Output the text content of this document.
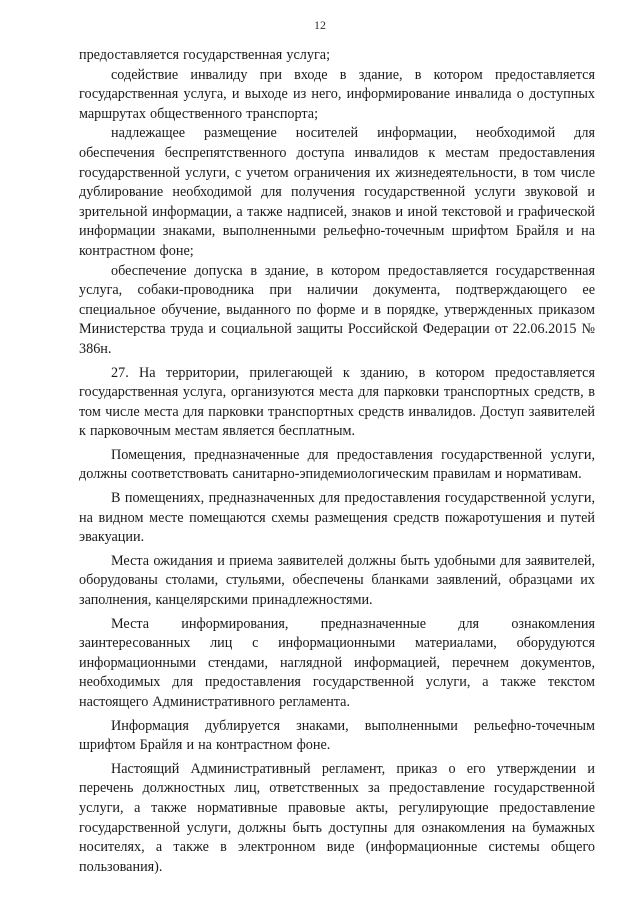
12

предоставляется государственная услуга;

содействие инвалиду при входе в здание, в котором предоставляется государственная услуга, и выходе из него, информирование инвалида о доступных маршрутах общественного транспорта;

надлежащее размещение носителей информации, необходимой для обеспечения беспрепятственного доступа инвалидов к местам предоставления государственной услуги, с учетом ограничения их жизнедеятельности, в том числе дублирование необходимой для получения государственной услуги звуковой и зрительной информации, а также надписей, знаков и иной текстовой и графической информации знаками, выполненными рельефно-точечным шрифтом Брайля и на контрастном фоне;

обеспечение допуска в здание, в котором предоставляется государственная услуга, собаки-проводника при наличии документа, подтверждающего ее специальное обучение, выданного по форме и в порядке, утвержденных приказом Министерства труда и социальной защиты Российской Федерации от 22.06.2015 № 386н.

27. На территории, прилегающей к зданию, в котором предоставляется государственная услуга, организуются места для парковки транспортных средств, в том числе места для парковки транспортных средств инвалидов. Доступ заявителей к парковочным местам является бесплатным.

Помещения, предназначенные для предоставления государственной услуги, должны соответствовать санитарно-эпидемиологическим правилам и нормативам.

В помещениях, предназначенных для предоставления государственной услуги, на видном месте помещаются схемы размещения средств пожаротушения и путей эвакуации.

Места ожидания и приема заявителей должны быть удобными для заявителей, оборудованы столами, стульями, обеспечены бланками заявлений, образцами их заполнения, канцелярскими принадлежностями.

Места информирования, предназначенные для ознакомления заинтересованных лиц с информационными материалами, оборудуются информационными стендами, наглядной информацией, перечнем документов, необходимых для предоставления государственной услуги, а также текстом настоящего Административного регламента.

Информация дублируется знаками, выполненными рельефно-точечным шрифтом Брайля и на контрастном фоне.

Настоящий Административный регламент, приказ о его утверждении и перечень должностных лиц, ответственных за предоставление государственной услуги, а также нормативные правовые акты, регулирующие предоставление государственной услуги, должны быть доступны для ознакомления на бумажных носителях, а также в электронном виде (информационные системы общего пользования).
